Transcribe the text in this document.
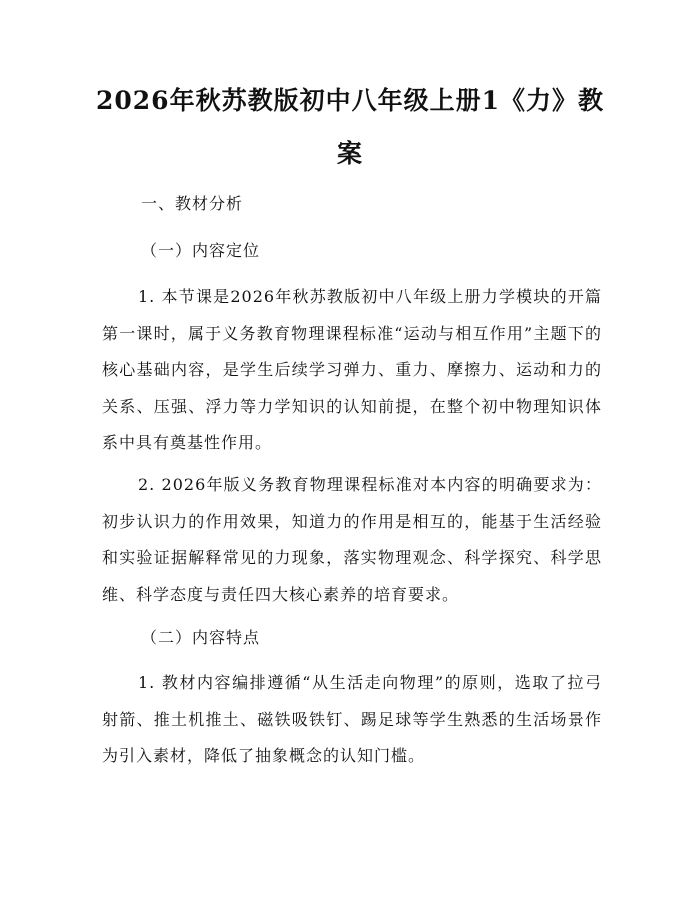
2026年秋苏教版初中八年级上册1《力》教
案

一、教材分析

（一）内容定位

1. 本节课是2026年秋苏教版初中八年级上册力学模块的开篇第一课时，属于义务教育物理课程标准“运动与相互作用”主题下的核心基础内容，是学生后续学习弹力、重力、摩擦力、运动和力的关系、压强、浮力等力学知识的认知前提，在整个初中物理知识体系中具有奠基性作用。

2. 2026年版义务教育物理课程标准对本内容的明确要求为：初步认识力的作用效果，知道力的作用是相互的，能基于生活经验和实验证据解释常见的力现象，落实物理观念、科学探究、科学思维、科学态度与责任四大核心素养的培育要求。

（二）内容特点

1. 教材内容编排遵循“从生活走向物理”的原则，选取了拉弓射箭、推土机推土、磁铁吸铁钉、踢足球等学生熟悉的生活场景作为引入素材，降低了抽象概念的认知门槛。
